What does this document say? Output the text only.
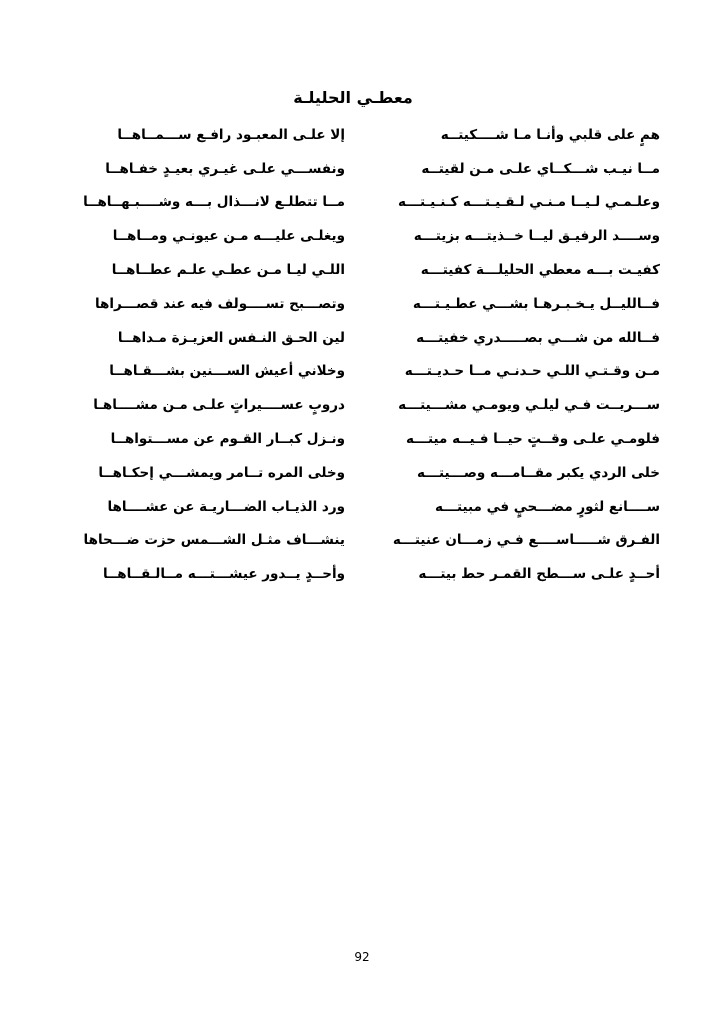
معطـي الحليلـة
إلا علـى المعبـود رافـع ســـمــاهــا	همٍ على قلبي وأنـا مـا شــــكيتــه
ونفســـي علـى غيـري بعيـدٍ خفـاهــا	مــا نيـب شـــكــاي علـى مـن لقيتــه
مــا تتطلـع لانـــذال بـــه وشــــبـهــاهــا	وعلـمـي لـيــا مـنـي لـقـيـتـــه كـنـيـتـــه
ويغلـى عليـــه مـن عيونـي ومــاهــا	وســــد الرفيـق ليــا خــذيتـــه بزيتـــه
اللـي ليـا مـن عطـي علـم عطــاهــا	كفيـت بـــه معطي الحليلـــة كفيتـــه
وتصـــبح تســــولف فيه عند قصـــراها	فــالليــل يـخـبـرهـا بشـــي عطـيـتـــه
لين الحـق النـفس العزيـزة مـداهــا	فــالله من شـــي بصـــــدري خفيتـــه
وخلاني أعيش الســـنين بشـــقـاهــا	مـن وقـتـي اللـي حـدنـي مــا حـديـتـــه
دروبٍ عســــيراتٍ علـى مـن مشــــاهـا	ســـريــت فـي ليلـي ويومـي مشـــيتـــه
ونـزل كبــار القـوم عن مســـتواهــا	فلومـي علـى وقــتٍ حيــا فـيــه ميتـــه
وخلى المره تــامر ويمشـــي إحكـاهــا	خلى الردي يكبر مقــامـــه وصـــيتـــه
ورد الذيـاب الضـــاريـة عن عشــــاها	ســــانع لثورٍ مضـــحيٍ في مبيتـــه
ينشـــاف مثـل الشـــمس حزت ضـــحاها	الفـرق شـــــاســــع فـي زمـــان عنيتـــه
وأحــدٍ يــدور عيشـــتـــه مــالـقــاهــا	أحــدٍ علـى ســـطح القمـر حط بيتـــه
92
